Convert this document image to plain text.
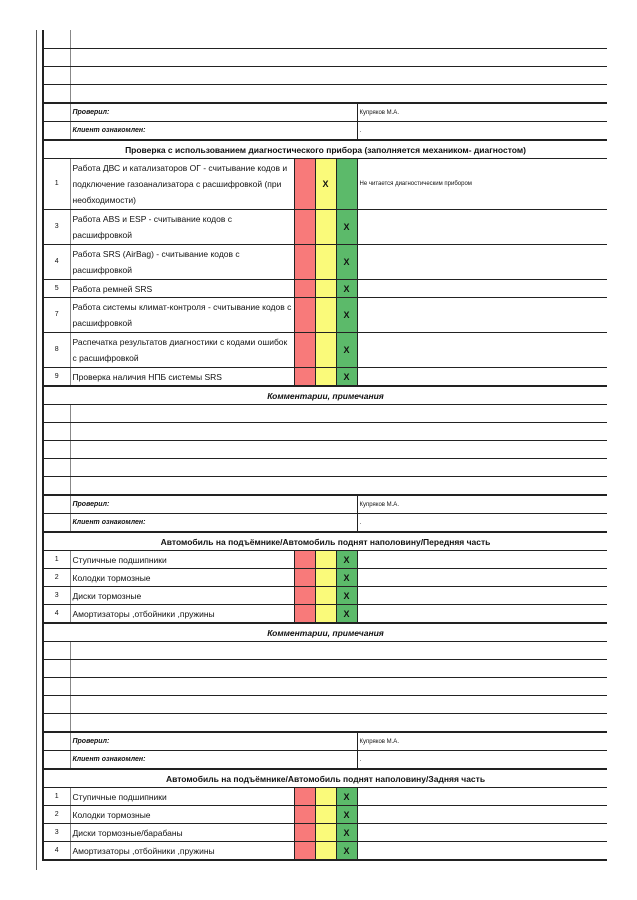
	Проверил:				Купряков М.А.
	Клиент ознакомлен:				.
Проверка с использованием диагностического прибора (заполняется механиком- диагностом)					
1	Работа ДВС и катализаторов ОГ - считывание кодов и подключение газоанализатора с расшифровкой (при необходимости)		X		Не читается диагностическим прибором
3	Работа ABS и ESP - считывание кодов с расшифровкой			X	
4	Работа SRS (AirBag) - считывание кодов с расшифровкой			X	
5	Работа ремней SRS			X	
7	Работа системы климат-контроля - считывание кодов с расшифровкой			X	
8	Распечатка результатов диагностики с кодами ошибок с расшифровкой			X	
9	Проверка наличия НПБ системы SRS			X	
Комментарии, примечания					

	Проверил:				Купряков М.А.
	Клиент ознакомлен:				.
Автомобиль на подъёмнике/Автомобиль поднят наполовину/Передняя часть					
1	Ступичные подшипники			X	
2	Колодки тормозные			X	
3	Диски тормозные			X	
4	Амортизаторы ,отбойники ,пружины			X	
Комментарии, примечания					

	Проверил:				Купряков М.А.
	Клиент ознакомлен:				.
Автомобиль на подъёмнике/Автомобиль поднят наполовину/Задняя часть					
1	Ступичные подшипники			X	
2	Колодки тормозные			X	
3	Диски тормозные/барабаны			X	
4	Амортизаторы ,отбойники ,пружины			X	
